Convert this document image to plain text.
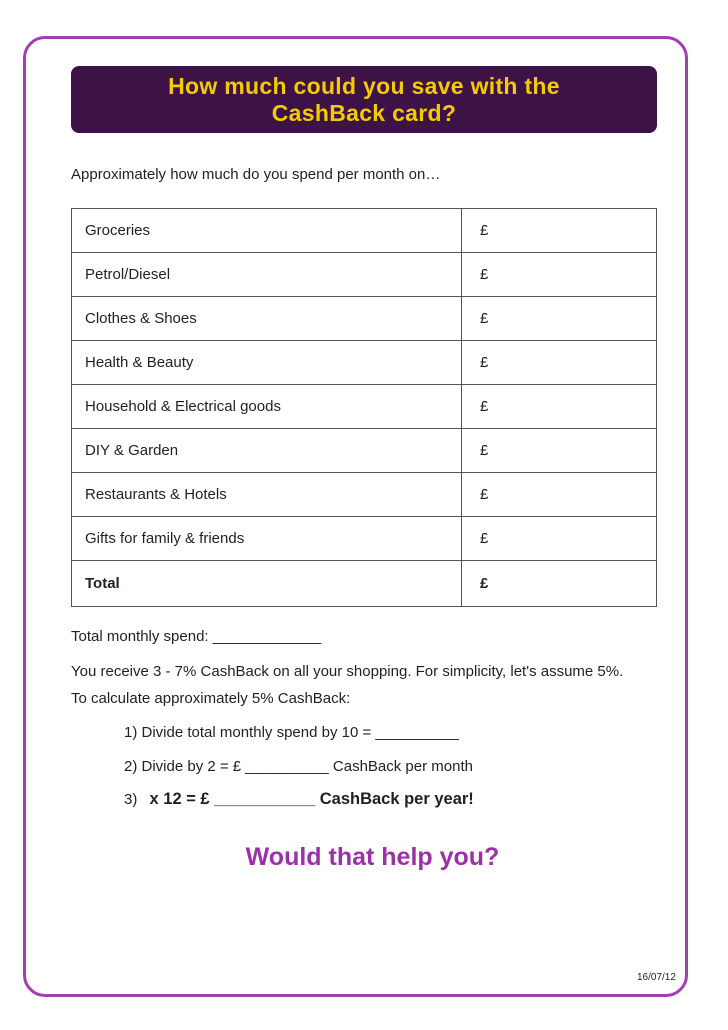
How much could you save with the
CashBack card?
Approximately how much do you spend per month on…
Groceries	£
Petrol/Diesel	£
Clothes & Shoes	£
Health & Beauty	£
Household & Electrical goods	£
DIY & Garden	£
Restaurants & Hotels	£
Gifts for family & friends	£
Total	£
Total monthly spend: _____________
You receive 3 - 7% CashBack on all your shopping. For simplicity, let's assume 5%.
To calculate approximately 5% CashBack:
1) Divide total monthly spend by 10 = __________
2) Divide by 2 = £ __________ CashBack per month
3) x 12 = £ ___________ CashBack per year!
Would that help you?
16/07/12
